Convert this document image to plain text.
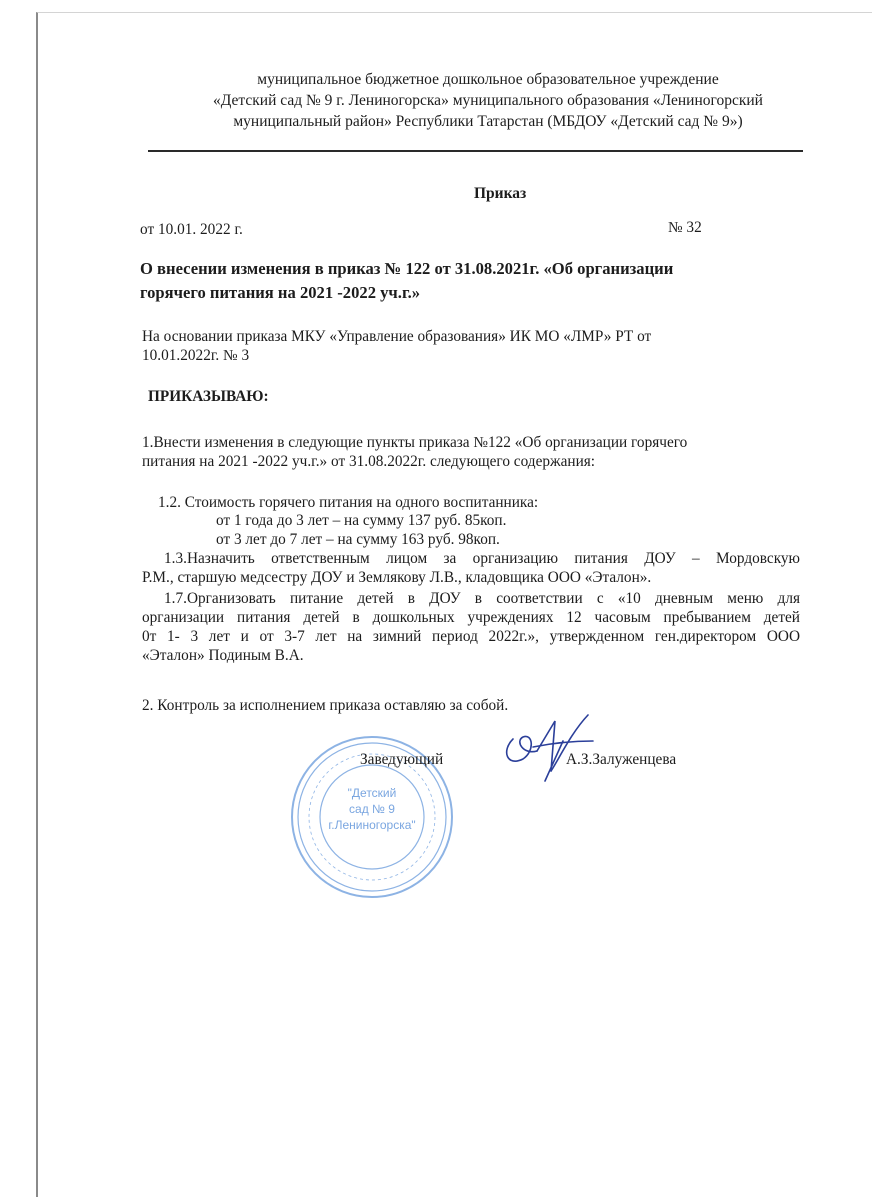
муниципальное бюджетное дошкольное образовательное учреждение
«Детский сад № 9 г. Лениногорска» муниципального образования «Лениногорский
муниципальный район» Республики Татарстан (МБДОУ «Детский сад № 9»)
Приказ
от 10.01. 2022 г.	№ 32
О внесении изменения в приказ № 122 от 31.08.2021г. «Об организации
горячего питания на 2021 -2022 уч.г.»
На основании приказа МКУ «Управление образования» ИК МО «ЛМР» РТ от
10.01.2022г. № 3
ПРИКАЗЫВАЮ:
1.Внести изменения в следующие пункты приказа №122 «Об организации горячего
питания на 2021 -2022 уч.г.» от 31.08.2022г. следующего содержания:
1.2. Стоимость горячего питания на одного воспитанника:
от 1 года до 3 лет – на сумму 137 руб. 85коп.
от 3 лет до 7 лет – на сумму 163 руб. 98коп.
1.3.Назначить ответственным лицом за организацию питания ДОУ – Мордовскую
Р.М., старшую медсестру ДОУ и Землякову Л.В., кладовщика ООО «Эталон».
1.7.Организовать питание детей в ДОУ в соответствии с «10 дневным меню для
организации питания детей в дошкольных учреждениях 12 часовым пребыванием детей
0т 1- 3 лет и от 3-7 лет на зимний период 2022г.», утвержденном ген.директором ООО
«Эталон» Подиным В.А.
2. Контроль за исполнением приказа оставляю за собой.
"Детский
сад № 9
г.Лениногорска"
Заведующий	А.З.Залуженцева
